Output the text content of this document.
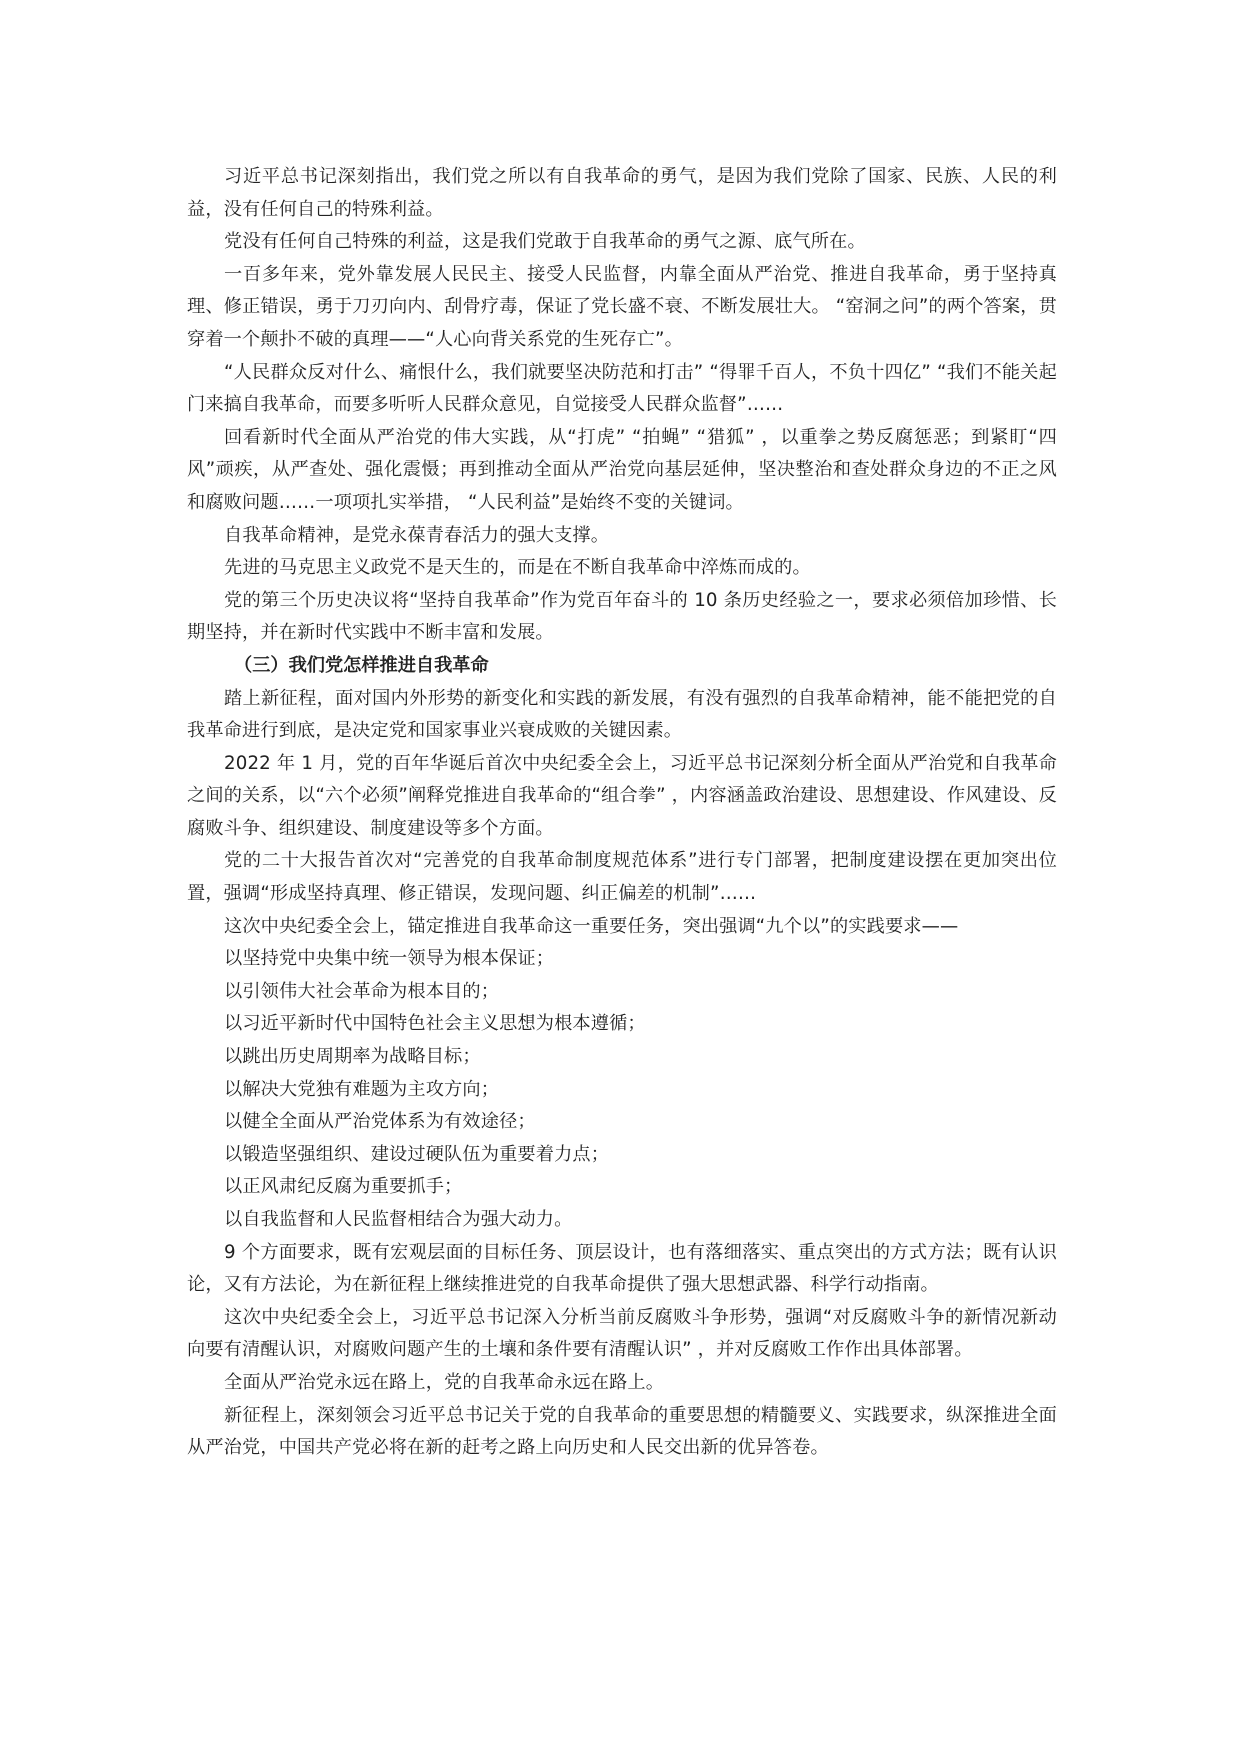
习近平总书记深刻指出，我们党之所以有自我革命的勇气，是因为我们党除了国家、民族、人民的利益，没有任何自己的特殊利益。

党没有任何自己特殊的利益，这是我们党敢于自我革命的勇气之源、底气所在。

一百多年来，党外靠发展人民民主、接受人民监督，内靠全面从严治党、推进自我革命，勇于坚持真理、修正错误，勇于刀刃向内、刮骨疗毒，保证了党长盛不衰、不断发展壮大。 “窑洞之问”的两个答案，贯穿着一个颠扑不破的真理——“人心向背关系党的生死存亡”。

“人民群众反对什么、痛恨什么，我们就要坚决防范和打击” “得罪千百人，不负十四亿” “我们不能关起门来搞自我革命，而要多听听人民群众意见，自觉接受人民群众监督”……

回看新时代全面从严治党的伟大实践，从“打虎” “拍蝇” “猎狐” ，以重拳之势反腐惩恶；到紧盯“四风”顽疾，从严查处、强化震慑；再到推动全面从严治党向基层延伸，坚决整治和查处群众身边的不正之风和腐败问题……一项项扎实举措， “人民利益”是始终不变的关键词。

自我革命精神，是党永葆青春活力的强大支撑。

先进的马克思主义政党不是天生的，而是在不断自我革命中淬炼而成的。

党的第三个历史决议将“坚持自我革命”作为党百年奋斗的 10 条历史经验之一，要求必须倍加珍惜、长期坚持，并在新时代实践中不断丰富和发展。

（三）我们党怎样推进自我革命

踏上新征程，面对国内外形势的新变化和实践的新发展，有没有强烈的自我革命精神，能不能把党的自我革命进行到底，是决定党和国家事业兴衰成败的关键因素。

2022 年 1 月，党的百年华诞后首次中央纪委全会上，习近平总书记深刻分析全面从严治党和自我革命之间的关系，以“六个必须”阐释党推进自我革命的“组合拳” ，内容涵盖政治建设、思想建设、作风建设、反腐败斗争、组织建设、制度建设等多个方面。

党的二十大报告首次对“完善党的自我革命制度规范体系”进行专门部署，把制度建设摆在更加突出位置，强调“形成坚持真理、修正错误，发现问题、纠正偏差的机制”……

这次中央纪委全会上，锚定推进自我革命这一重要任务，突出强调“九个以”的实践要求——

以坚持党中央集中统一领导为根本保证；

以引领伟大社会革命为根本目的；

以习近平新时代中国特色社会主义思想为根本遵循；

以跳出历史周期率为战略目标；

以解决大党独有难题为主攻方向；

以健全全面从严治党体系为有效途径；

以锻造坚强组织、建设过硬队伍为重要着力点；

以正风肃纪反腐为重要抓手；

以自我监督和人民监督相结合为强大动力。

9 个方面要求，既有宏观层面的目标任务、顶层设计，也有落细落实、重点突出的方式方法；既有认识论，又有方法论，为在新征程上继续推进党的自我革命提供了强大思想武器、科学行动指南。

这次中央纪委全会上，习近平总书记深入分析当前反腐败斗争形势，强调“对反腐败斗争的新情况新动向要有清醒认识，对腐败问题产生的土壤和条件要有清醒认识” ，并对反腐败工作作出具体部署。

全面从严治党永远在路上，党的自我革命永远在路上。

新征程上，深刻领会习近平总书记关于党的自我革命的重要思想的精髓要义、实践要求，纵深推进全面从严治党，中国共产党必将在新的赶考之路上向历史和人民交出新的优异答卷。
